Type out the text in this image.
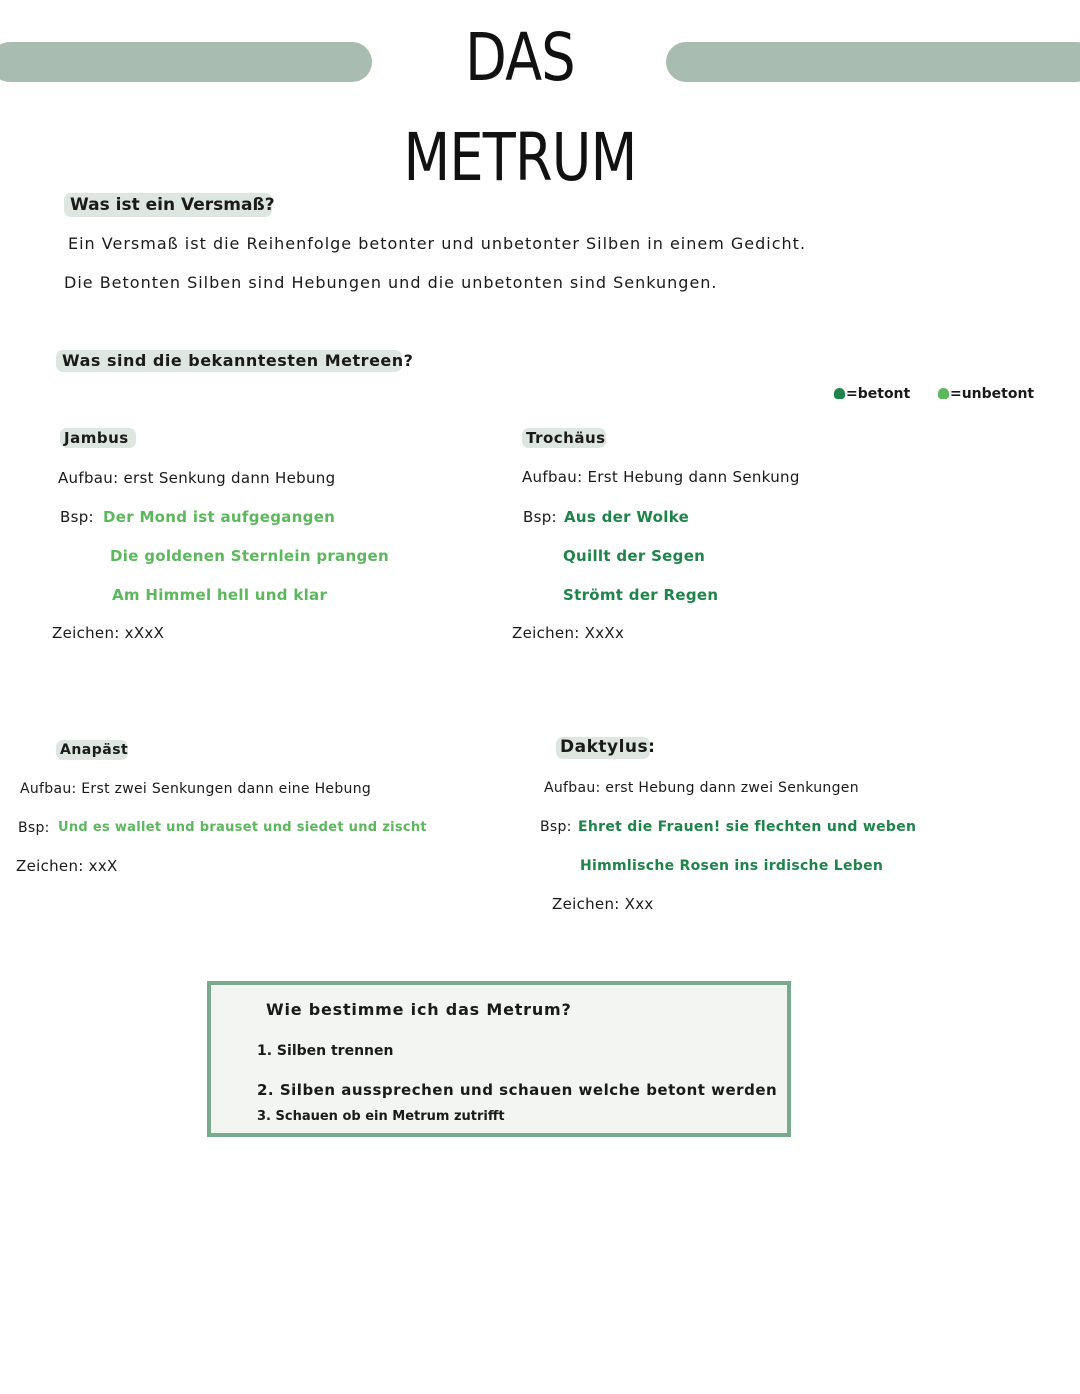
DAS METRUM
Was ist ein Versmaß?
Ein Versmaß ist die Reihenfolge betonter und unbetonter Silben in einem Gedicht.
Die Betonten Silben sind Hebungen und die unbetonten sind Senkungen.
Was sind die bekanntesten Metreen?
=betont	=unbetont
Jambus
Aufbau: erst Senkung dann Hebung
Bsp: Der Mond ist aufgegangen
Die goldenen Sternlein prangen
Am Himmel hell und klar
Zeichen: xXxX
Trochäus
Aufbau: Erst Hebung dann Senkung
Bsp: Aus der Wolke
Quillt der Segen
Strömt der Regen
Zeichen: XxXx
Anapäst
Aufbau: Erst zwei Senkungen dann eine Hebung
Bsp: Und es wallet und brauset und siedet und zischt
Zeichen: xxX
Daktylus:
Aufbau: erst Hebung dann zwei Senkungen
Bsp: Ehret die Frauen! sie flechten und weben
Himmlische Rosen ins irdische Leben
Zeichen: Xxx
Wie bestimme ich das Metrum?
1. Silben trennen
2. Silben aussprechen und schauen welche betont werden
3. Schauen ob ein Metrum zutrifft
